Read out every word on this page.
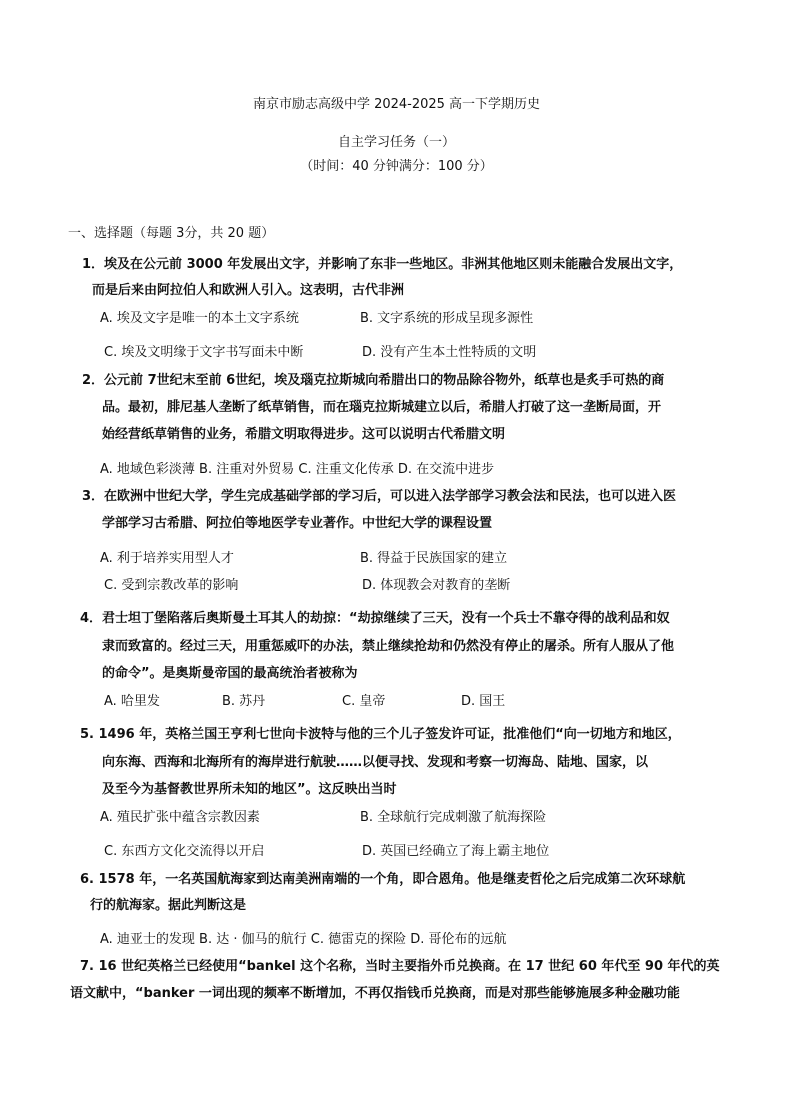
南京市励志高级中学 2024-2025 高一下学期历史
自主学习任务（一）
（时间：40 分钟满分：100 分）
一、选择题（每题 3分，共 20 题）
1．埃及在公元前 3000 年发展出文字，并影响了东非一些地区。非洲其他地区则未能融合发展出文字，
而是后来由阿拉伯人和欧洲人引入。这表明，古代非洲
A. 埃及文字是唯一的本土文字系统	B. 文字系统的形成呈现多源性
C. 埃及文明缘于文字书写面未中断	D. 没有产生本土性特质的文明
2．公元前 7世纪末至前 6世纪，埃及瑙克拉斯城向希腊出口的物品除谷物外，纸草也是炙手可热的商
品。最初，腓尼基人垄断了纸草销售，而在瑙克拉斯城建立以后，希腊人打破了这一垄断局面，开
始经营纸草销售的业务，希腊文明取得进步。这可以说明古代希腊文明
A. 地域色彩淡薄 B. 注重对外贸易 C. 注重文化传承 D. 在交流中进步
3．在欧洲中世纪大学，学生完成基础学部的学习后，可以进入法学部学习教会法和民法，也可以进入医
学部学习古希腊、阿拉伯等地医学专业著作。中世纪大学的课程设置
A. 利于培养实用型人才	B. 得益于民族国家的建立
C. 受到宗教改革的影响	D. 体现教会对教育的垄断
4．君士坦丁堡陷落后奥斯曼土耳其人的劫掠：“劫掠继续了三天，没有一个兵士不靠夺得的战利品和奴
隶而致富的。经过三天，用重惩威吓的办法，禁止继续抢劫和仍然没有停止的屠杀。所有人服从了他
的命令”。是奥斯曼帝国的最高统治者被称为
A. 哈里发	B. 苏丹	C. 皇帝	D. 国王
5. 1496 年，英格兰国王亨利七世向卡波特与他的三个儿子签发许可证，批准他们“向一切地方和地区，
向东海、西海和北海所有的海岸进行航驶……以便寻找、发现和考察一切海岛、陆地、国家，以
及至今为基督教世界所未知的地区”。这反映出当时
A. 殖民扩张中蕴含宗教因素	B. 全球航行完成刺激了航海探险
C. 东西方文化交流得以开启	D. 英国已经确立了海上霸主地位
6. 1578 年，一名英国航海家到达南美洲南端的一个角，即合恩角。他是继麦哲伦之后完成第二次环球航
行的航海家。据此判断这是
A. 迪亚士的发现 B. 达 · 伽马的航行 C. 德雷克的探险 D. 哥伦布的远航
7. 16 世纪英格兰已经使用“bankel 这个名称，当时主要指外币兑换商。在 17 世纪 60 年代至 90 年代的英
语文献中，“banker 一词出现的频率不断增加，不再仅指钱币兑换商，而是对那些能够施展多种金融功能
